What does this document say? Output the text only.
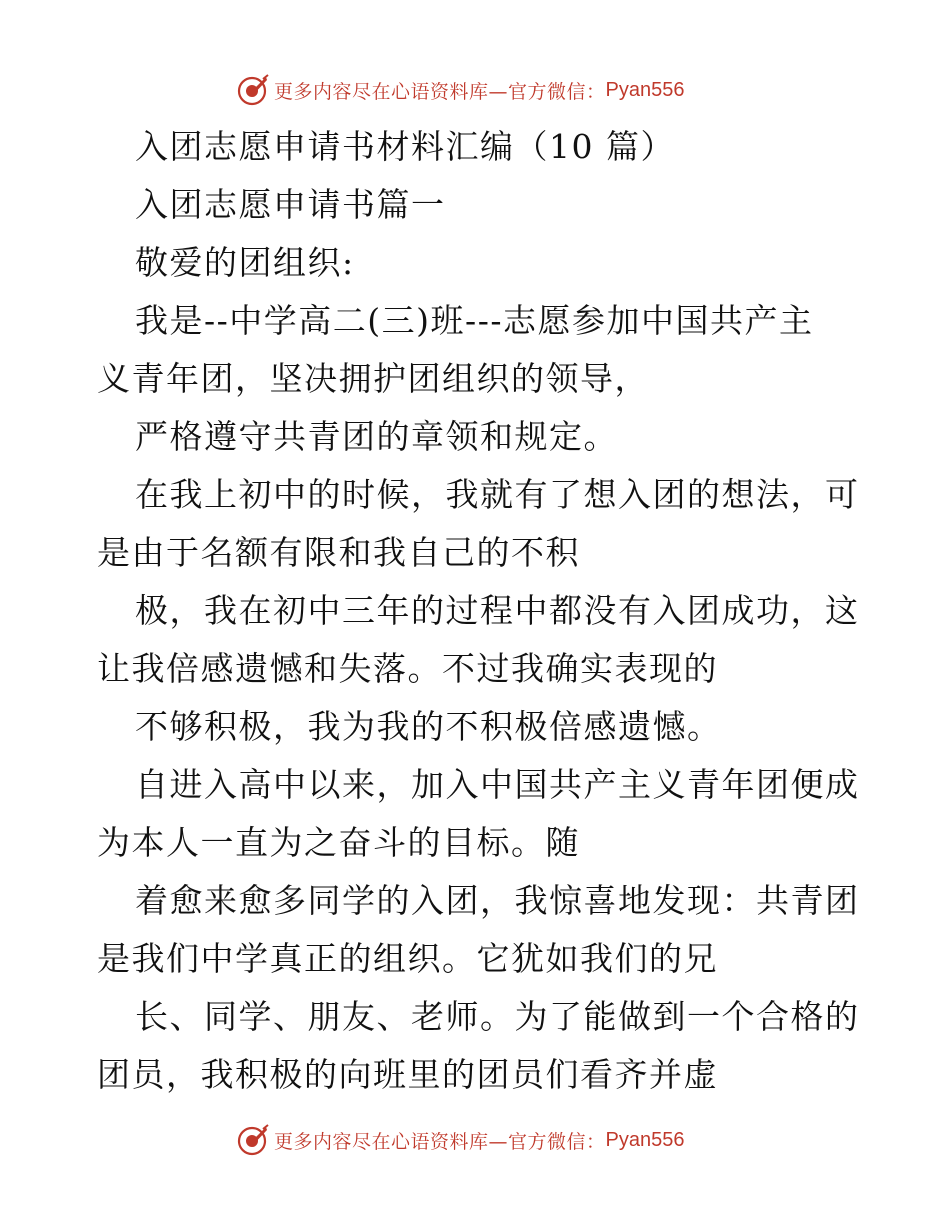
更多内容尽在心语资料库—官方微信： Pyan556
入团志愿申请书材料汇编（10 篇）
入团志愿申请书篇一
敬爱的团组织:
我是--中学高二(三)班---志愿参加中国共产主
义青年团，坚决拥护团组织的领导，
严格遵守共青团的章领和规定。
在我上初中的时候，我就有了想入团的想法，可
是由于名额有限和我自己的不积
极，我在初中三年的过程中都没有入团成功，这
让我倍感遗憾和失落。不过我确实表现的
不够积极，我为我的不积极倍感遗憾。
自进入高中以来，加入中国共产主义青年团便成
为本人一直为之奋斗的目标。随
着愈来愈多同学的入团，我惊喜地发现：共青团
是我们中学真正的组织。它犹如我们的兄
长、同学、朋友、老师。为了能做到一个合格的
团员，我积极的向班里的团员们看齐并虚
更多内容尽在心语资料库—官方微信： Pyan556
